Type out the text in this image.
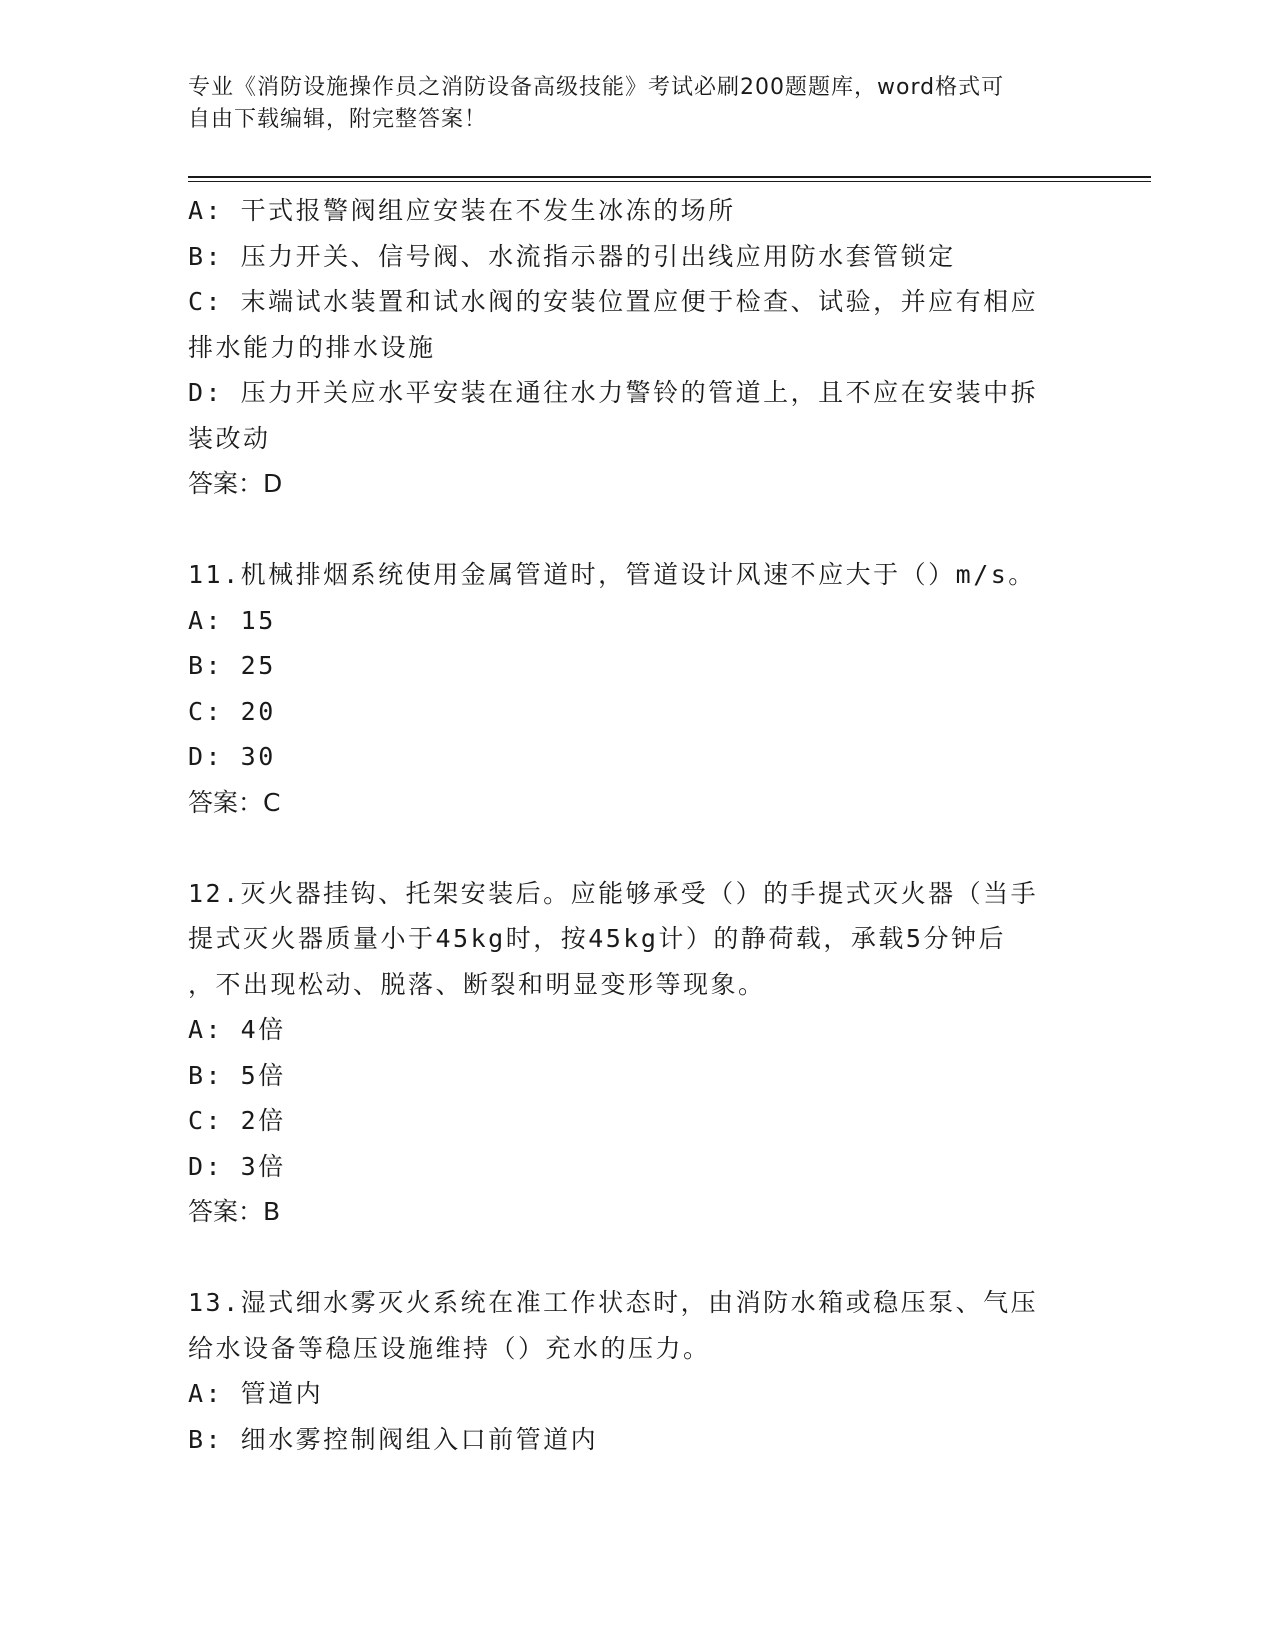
专业《消防设施操作员之消防设备高级技能》考试必刷200题题库，word格式可
自由下载编辑，附完整答案！
A: 干式报警阀组应安装在不发生冰冻的场所
B: 压力开关、信号阀、水流指示器的引出线应用防水套管锁定
C: 末端试水装置和试水阀的安装位置应便于检查、试验，并应有相应
排水能力的排水设施
D: 压力开关应水平安装在通往水力警铃的管道上，且不应在安装中拆
装改动
答案：D
11.机械排烟系统使用金属管道时，管道设计风速不应大于（）m/s。
A: 15
B: 25
C: 20
D: 30
答案：C
12.灭火器挂钩、托架安装后。应能够承受（）的手提式灭火器（当手
提式灭火器质量小于45kg时，按45kg计）的静荷载，承载5分钟后
，不出现松动、脱落、断裂和明显变形等现象。
A: 4倍
B: 5倍
C: 2倍
D: 3倍
答案：B
13.湿式细水雾灭火系统在准工作状态时，由消防水箱或稳压泵、气压
给水设备等稳压设施维持（）充水的压力。
A: 管道内
B: 细水雾控制阀组入口前管道内
